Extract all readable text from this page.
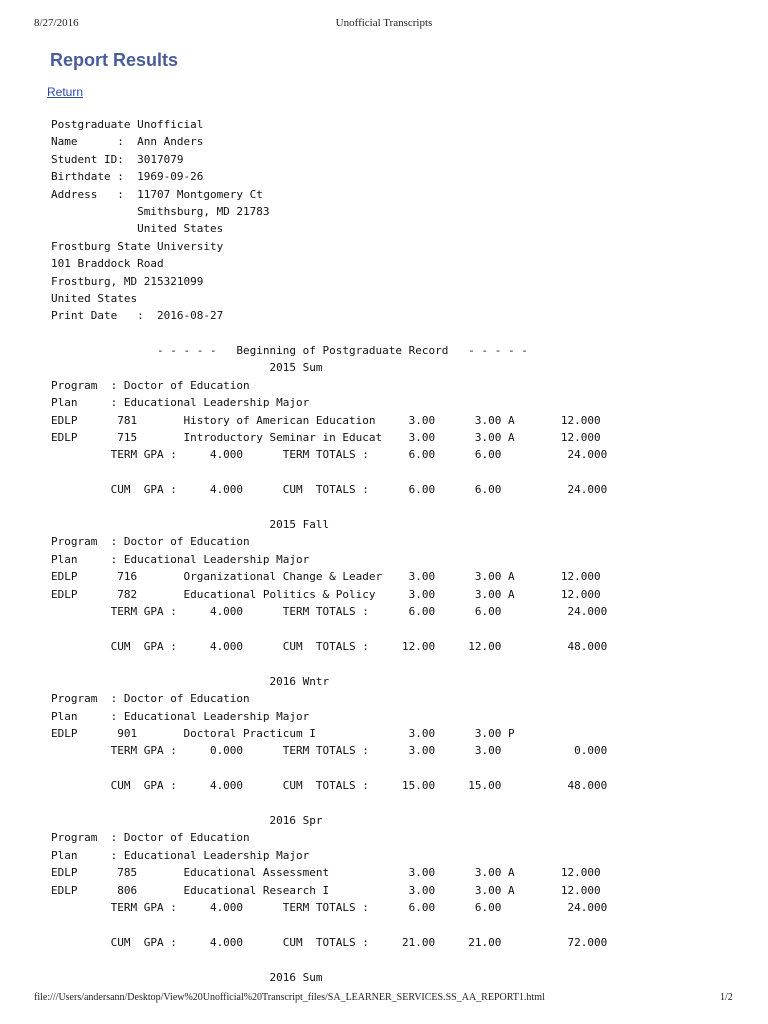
8/27/2016	Unofficial Transcripts
Report Results
Return
Postgraduate Unofficial
Name      :  Ann Anders
Student ID:  3017079
Birthdate :  1969-09-26
Address   :  11707 Montgomery Ct
Smithsburg, MD 21783
United States
Frostburg State University
101 Braddock Road
Frostburg, MD 215321099
United States
Print Date   :  2016-08-27
- - - - -   Beginning of Postgraduate Record   - - - - -
2015 Sum
Program  : Doctor of Education
Plan     : Educational Leadership Major
EDLP      781       History of American Education     3.00      3.00 A       12.000
EDLP      715       Introductory Seminar in Educat    3.00      3.00 A       12.000
TERM GPA :     4.000      TERM TOTALS :      6.00      6.00          24.000

CUM  GPA :     4.000      CUM  TOTALS :      6.00      6.00          24.000

2015 Fall
Program  : Doctor of Education
Plan     : Educational Leadership Major
EDLP      716       Organizational Change & Leader    3.00      3.00 A       12.000
EDLP      782       Educational Politics & Policy     3.00      3.00 A       12.000
TERM GPA :     4.000      TERM TOTALS :      6.00      6.00          24.000

CUM  GPA :     4.000      CUM  TOTALS :     12.00     12.00          48.000

2016 Wntr
Program  : Doctor of Education
Plan     : Educational Leadership Major
EDLP      901       Doctoral Practicum I              3.00      3.00 P
TERM GPA :     0.000      TERM TOTALS :      3.00      3.00           0.000

CUM  GPA :     4.000      CUM  TOTALS :     15.00     15.00          48.000

2016 Spr
Program  : Doctor of Education
Plan     : Educational Leadership Major
EDLP      785       Educational Assessment            3.00      3.00 A       12.000
EDLP      806       Educational Research I            3.00      3.00 A       12.000
TERM GPA :     4.000      TERM TOTALS :      6.00      6.00          24.000

CUM  GPA :     4.000      CUM  TOTALS :     21.00     21.00          72.000

2016 Sum
file:///Users/andersann/Desktop/View%20Unofficial%20Transcript_files/SA_LEARNER_SERVICES.SS_AA_REPORT1.html	1/2
